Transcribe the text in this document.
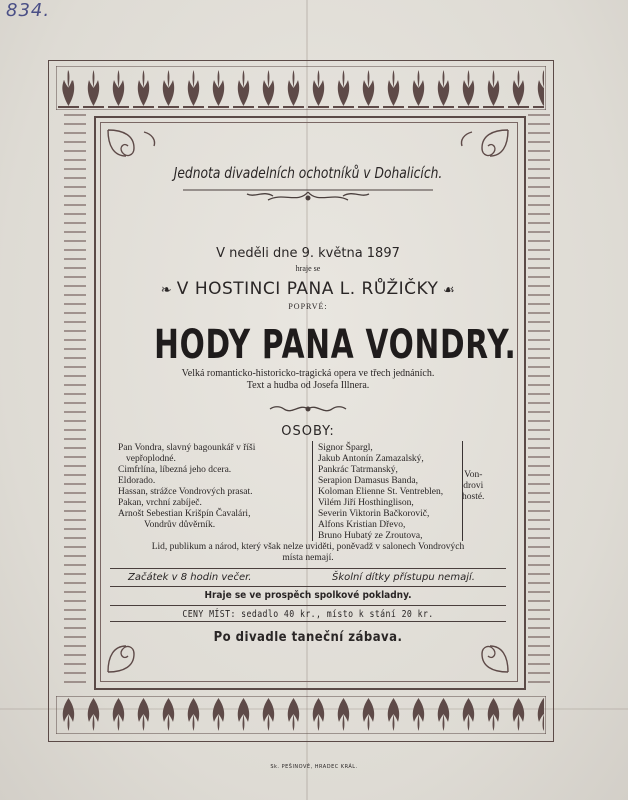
834.
Jednota divadelních ochotníků v Dohalicích.
V neděli dne 9. května 1897
hraje se
❧ V HOSTINCI PANA L. RŮŽIČKY ☙
POPRVÉ:
HODY PANA VONDRY.
Velká romanticko-historicko-tragická opera ve třech jednáních.
Text a hudba od Josefa Illnera.
OSOBY:
Pan Vondra, slavný bagounkář v říši
vepřoplodné.
Cimfrlína, líbezná jeho dcera.
Eldorado.
Hassan, strážce Vondrových prasat.
Pakan, vrchní zabíječ.
Arnošt Sebestian Krišpín Čavalári,
Vondrův důvěrník.
Signor Špargl,
Jakub Antonín Zamazalský,
Pankrác Tatrmanský,
Serapion Damasus Banda,
Koloman Elienne St. Ventreblen,
Vilém Jiří Hosthinglison,
Severin Viktorin Bačkorovič,
Alfons Kristian Dřevo,
Bruno Hubatý ze Zroutova,
Von-
drovi
hosté.
Lid, publikum a národ, který však nelze uviděti, poněvadž v salonech Vondrových
místa nemají.
Začátek v 8 hodin večer.	Školní dítky přístupu nemají.
Hraje se ve prospěch spolkové pokladny.
CENY MÍST: sedadlo 40 kr., místo k stání 20 kr.
Po divadle taneční zábava.
Sk. PEŠINOVÉ, HRADEC KRÁL.
